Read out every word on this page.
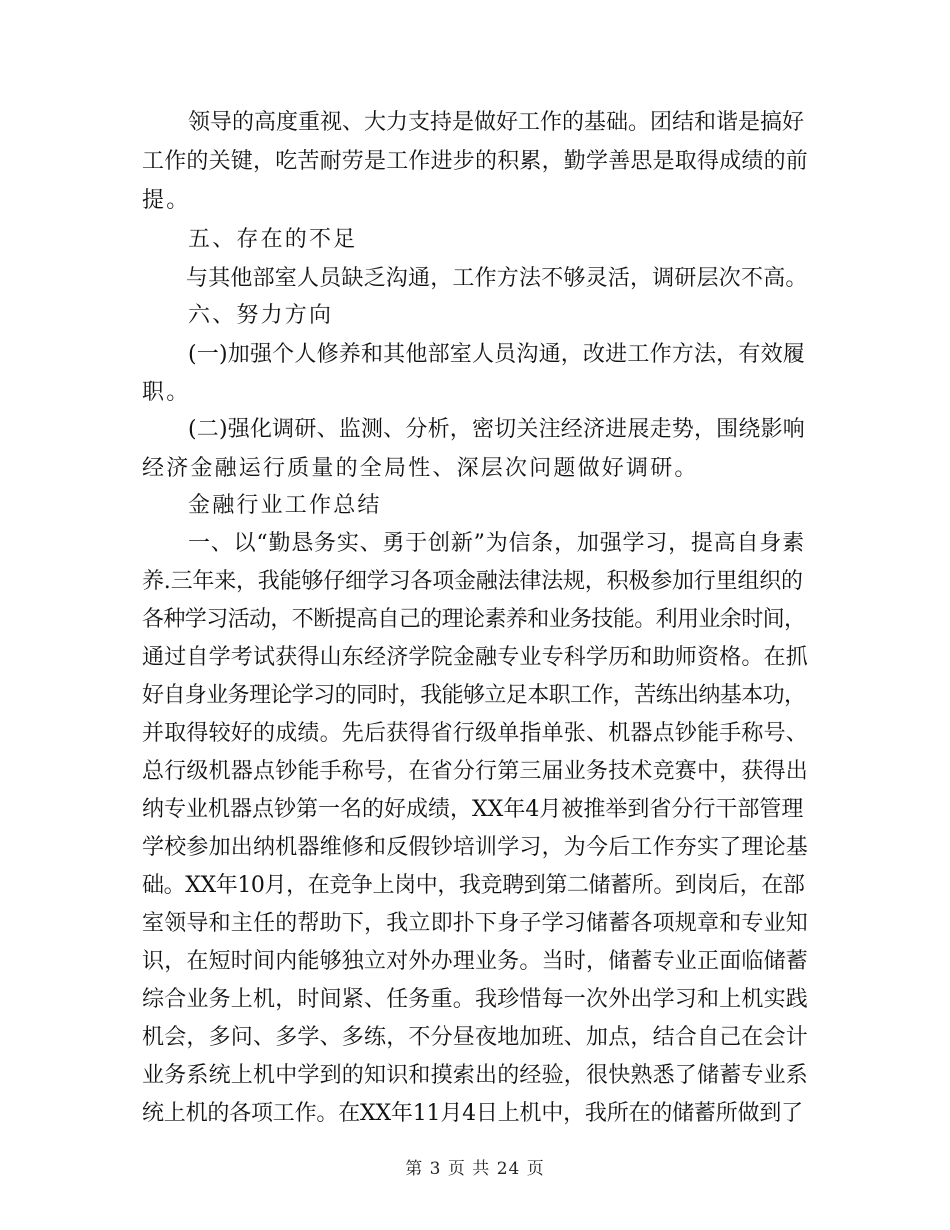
领导的高度重视、大力支持是做好工作的基础。团结和谐是搞好
工作的关键，吃苦耐劳是工作进步的积累，勤学善思是取得成绩的前
提。
五、存在的不足
与其他部室人员缺乏沟通，工作方法不够灵活，调研层次不高。
六、努力方向
(一)加强个人修养和其他部室人员沟通，改进工作方法，有效履
职。
(二)强化调研、监测、分析，密切关注经济进展走势，围绕影响
经济金融运行质量的全局性、深层次问题做好调研。
金融行业工作总结
一、以“勤恳务实、勇于创新”为信条，加强学习，提高自身素
养.三年来，我能够仔细学习各项金融法律法规，积极参加行里组织的
各种学习活动，不断提高自己的理论素养和业务技能。利用业余时间，
通过自学考试获得山东经济学院金融专业专科学历和助师资格。在抓
好自身业务理论学习的同时，我能够立足本职工作，苦练出纳基本功，
并取得较好的成绩。先后获得省行级单指单张、机器点钞能手称号、
总行级机器点钞能手称号，在省分行第三届业务技术竞赛中，获得出
纳专业机器点钞第一名的好成绩，XX年4月被推举到省分行干部管理
学校参加出纳机器维修和反假钞培训学习，为今后工作夯实了理论基
础。XX年10月，在竞争上岗中，我竞聘到第二储蓄所。到岗后，在部
室领导和主任的帮助下，我立即扑下身子学习储蓄各项规章和专业知
识，在短时间内能够独立对外办理业务。当时，储蓄专业正面临储蓄
综合业务上机，时间紧、任务重。我珍惜每一次外出学习和上机实践
机会，多问、多学、多练，不分昼夜地加班、加点，结合自己在会计
业务系统上机中学到的知识和摸索出的经验，很快熟悉了储蓄专业系
统上机的各项工作。在XX年11月4日上机中，我所在的储蓄所做到了
第 3 页 共 24 页
